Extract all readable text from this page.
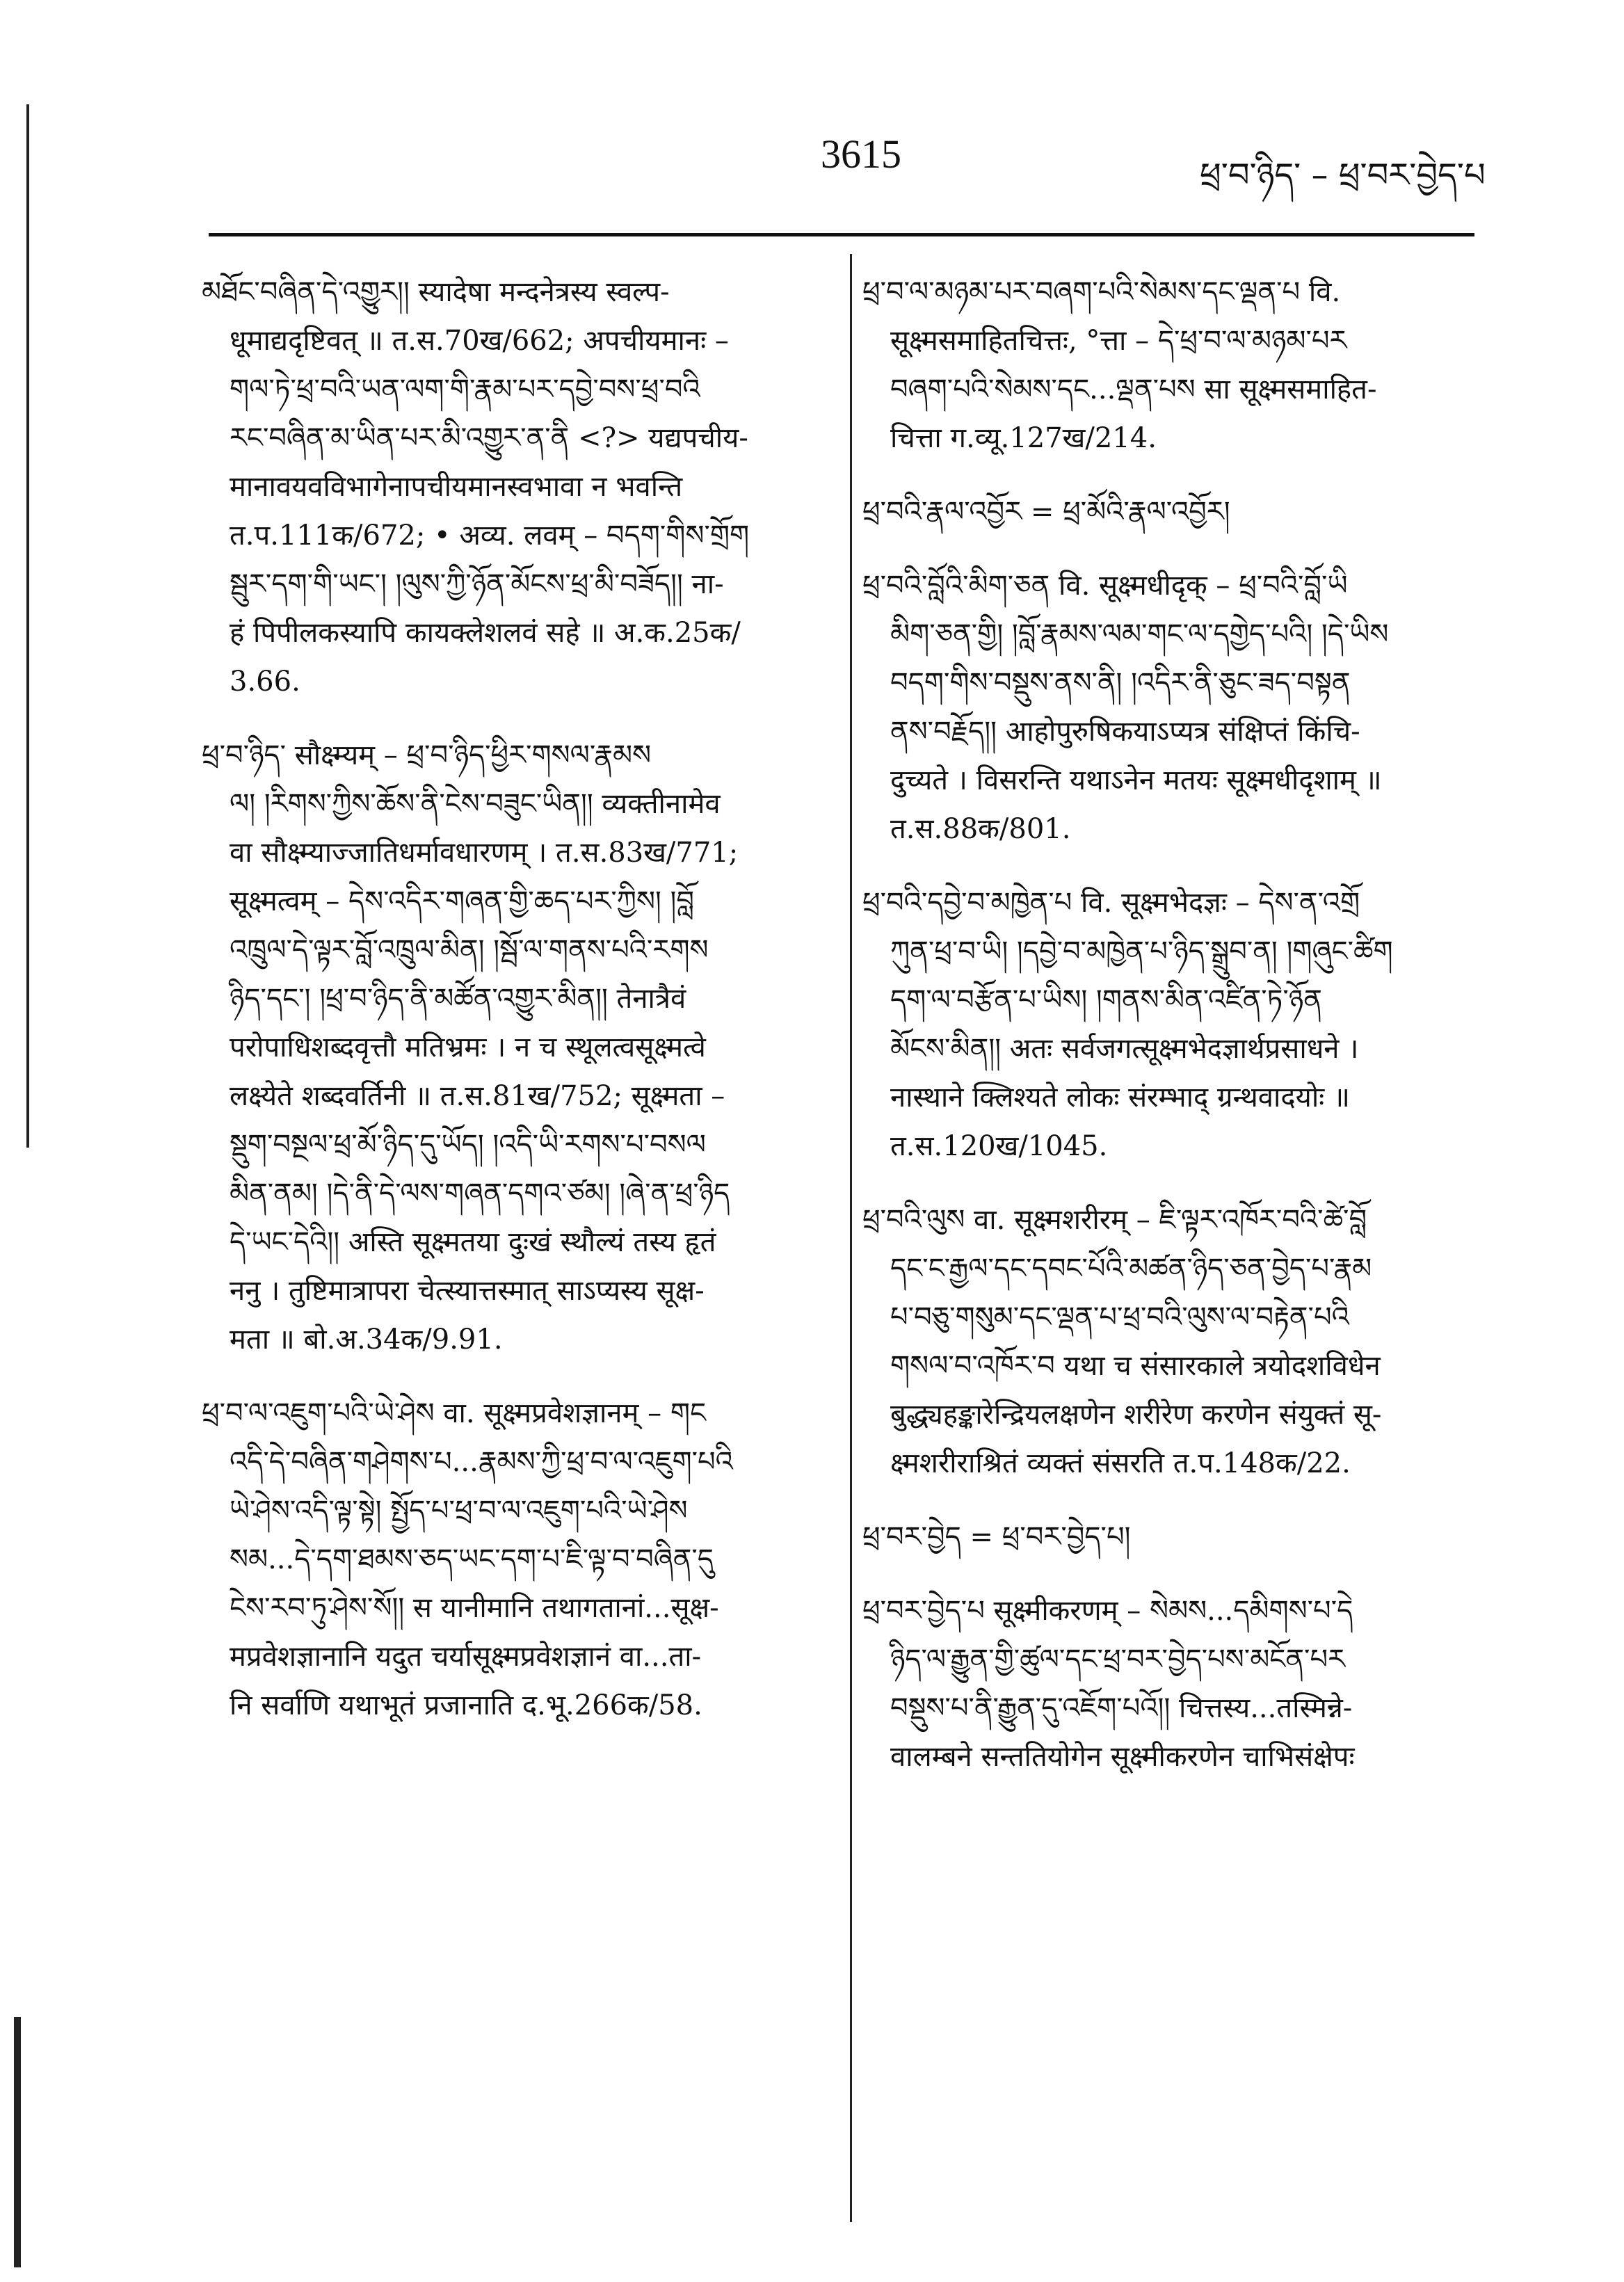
3615	ཕྲ་བ་ཉིད་ – ཕྲ་བར་བྱེད་པ
མཐོང་བཞིན་དེ་འགྱུར།། स्यादेषा मन्दनेत्रस्य स्वल्प-
धूमाद्यदृष्टिवत् ॥ त.स.70ख/662; अपचीयमानः –
གལ་ཏེ་ཕྲ་བའི་ཡན་ལག་གི་རྣམ་པར་དབྱེ་བས་ཕྲ་བའི
རང་བཞིན་མ་ཡིན་པར་མི་འགྱུར་ན་ནི <?> यद्यपचीय-
मानावयवविभागेनापचीयमानस्वभावा न भवन्ति
त.प.111क/672; • अव्य. लवम् – བདག་གིས་གྲོག
སྦུར་དག་གི་ཡང་། །ལུས་ཀྱི་ཉོན་མོངས་ཕྲ་མི་བཟོད།། ना-
हं पिपीलकस्यापि कायक्लेशलवं सहे ॥ अ.क.25क/
3.66.
ཕྲ་བ་ཉིད་ सौक्ष्म्यम् – ཕྲ་བ་ཉིད་ཕྱིར་གསལ་རྣམས
ལ། །རིགས་ཀྱིས་ཆོས་ནི་ངེས་བཟུང་ཡིན།། व्यक्तीनामेव
वा सौक्ष्म्याज्जातिधर्मावधारणम् । त.स.83ख/771;
सूक्ष्मत्वम् – དེས་འདིར་གཞན་གྱི་ཆད་པར་ཀྱིས། །བློ
འཁྲུལ་དེ་ལྟར་བློ་འཁྲུལ་མིན། །སྦོ་ལ་གནས་པའི་རགས
ཉིད་དང་། །ཕྲ་བ་ཉིད་ནི་མཚོན་འགྱུར་མིན།། तेनात्रैवं
परोपाधिशब्दवृत्तौ मतिभ्रमः । न च स्थूलत्वसूक्ष्मत्वे
लक्ष्येते शब्दवर्तिनी ॥ त.स.81ख/752; सूक्ष्मता –
སྡུག་བསྔལ་ཕྲ་མོ་ཉིད་དུ་ཡོད། །འདི་ཡི་རགས་པ་བསལ
མིན་ནམ། །དེ་ནི་དེ་ལས་གཞན་དགའ་ཙམ། །ཞེ་ན་ཕྲ་ཉིད
དེ་ཡང་དེའི།། अस्ति सूक्ष्मतया दुःखं स्थौल्यं तस्य हृतं
ननु । तुष्टिमात्रापरा चेत्स्यात्तस्मात् साऽप्यस्य सूक्ष-
मता ॥ बो.अ.34क/9.91.
ཕྲ་བ་ལ་འཇུག་པའི་ཡེ་ཤེས वा. सूक्ष्मप्रवेशज्ञानम् – གང
འདི་དེ་བཞིན་གཤེགས་པ...རྣམས་ཀྱི་ཕྲ་བ་ལ་འཇུག་པའི
ཡེ་ཤེས་འདི་ལྟ་སྟེ། སྤྱོད་པ་ཕྲ་བ་ལ་འཇུག་པའི་ཡེ་ཤེས
སམ...དེ་དག་ཐམས་ཅད་ཡང་དག་པ་ཇི་ལྟ་བ་བཞིན་དུ
ངེས་རབ་ཏུ་ཤེས་སོ།། स यानीमानि तथागतानां...सूक्ष-
मप्रवेशज्ञानानि यदुत चर्यासूक्ष्मप्रवेशज्ञानं वा...ता-
नि सर्वाणि यथाभूतं प्रजानाति द.भू.266क/58.
ཕྲ་བ་ལ་མཉམ་པར་བཞག་པའི་སེམས་དང་ལྡན་པ वि.
सूक्ष्मसमाहितचित्तः, °त्ता – དེ་ཕྲ་བ་ལ་མཉམ་པར
བཞག་པའི་སེམས་དང...ལྡན་པས सा सूक्ष्मसमाहित-
चित्ता ग.व्यू.127ख/214.
ཕྲ་བའི་རྣལ་འབྱོར = ཕྲ་མོའི་རྣལ་འབྱོར།
ཕྲ་བའི་བློའི་མིག་ཅན वि. सूक्ष्मधीदृक् – ཕྲ་བའི་བློ་ཡི
མིག་ཅན་གྱི། །བློ་རྣམས་ལམ་གང་ལ་དགྱེད་པའི། །དེ་ཡིས
བདག་གིས་བསྡུས་ནས་ནི། །འདིར་ནི་ཅུང་ཟད་བསྟན
ནས་བརྗོད།། आहोपुरुषिकयाऽप्यत्र संक्षिप्तं किंचि-
दुच्यते । विसरन्ति यथाऽनेन मतयः सूक्ष्मधीदृशाम् ॥
त.स.88क/801.
ཕྲ་བའི་དབྱེ་བ་མཁྱེན་པ वि. सूक्ष्मभेदज्ञः – དེས་ན་འགྲོ
ཀུན་ཕྲ་བ་ཡི། །དབྱེ་བ་མཁྱེན་པ་ཉིད་སྒྲུབ་ན། །གཞུང་ཚིག
དག་ལ་བརྩོན་པ་ཡིས། །གནས་མིན་འཛིན་ཏེ་ཉོན
མོངས་མིན།། अतः सर्वजगत्सूक्ष्मभेदज्ञार्थप्रसाधने ।
नास्थाने क्लिश्यते लोकः संरम्भाद् ग्रन्थवादयोः ॥
त.स.120ख/1045.
ཕྲ་བའི་ལུས वा. सूक्ष्मशरीरम् – ཇི་ལྟར་འཁོར་བའི་ཚེ་བློ
དང་ང་རྒྱལ་དང་དབང་པོའི་མཚན་ཉིད་ཅན་བྱེད་པ་རྣམ
པ་བཅུ་གསུམ་དང་ལྡན་པ་ཕྲ་བའི་ལུས་ལ་བརྟེན་པའི
གསལ་བ་འཁོར་བ यथा च संसारकाले त्रयोदशविधेन
बुद्ध्यहङ्कारेन्द्रियलक्षणेन शरीरेण करणेन संयुक्तं सू-
क्ष्मशरीराश्रितं व्यक्तं संसरति त.प.148क/22.
ཕྲ་བར་བྱེད = ཕྲ་བར་བྱེད་པ།
ཕྲ་བར་བྱེད་པ सूक्ष्मीकरणम् – སེམས...དམིགས་པ་དེ
ཉིད་ལ་རྒྱུན་གྱི་ཚུལ་དང་ཕྲ་བར་བྱེད་པས་མངོན་པར
བསྡུས་པ་ནི་རྒྱུན་དུ་འཇོག་པའོ།། चित्तस्य...तस्मिन्ने-
वालम्बने सन्ततियोगेन सूक्ष्मीकरणेन चाभिसंक्षेपः
